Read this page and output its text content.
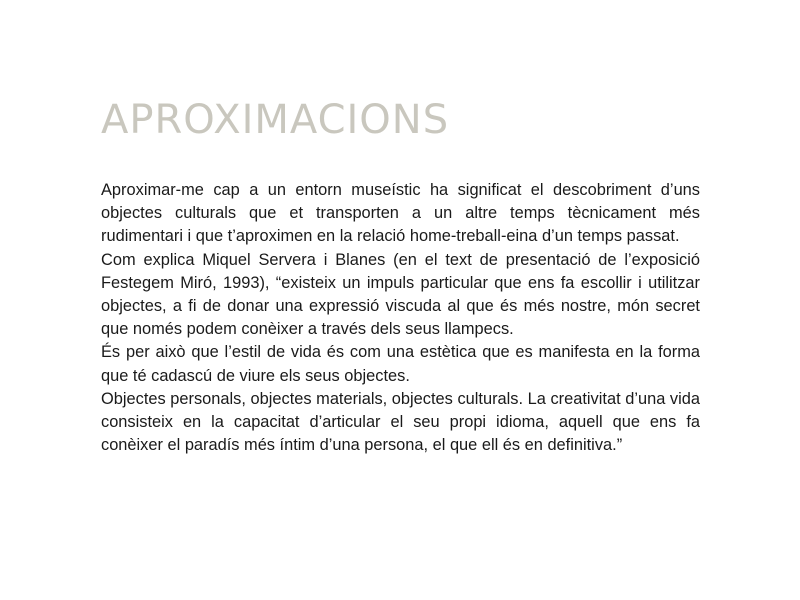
APROXIMACIONS

Aproximar-me cap a un entorn museístic ha significat el descobriment d’uns objectes culturals que et transporten a un altre temps tècnicament més rudimentari i que t’aproximen en la relació home-treball-eina d’un temps passat.

Com explica Miquel Servera i Blanes (en el text de presentació de l’exposició Festegem Miró, 1993), “existeix un impuls particular que ens fa escollir i utilitzar objectes, a fi de donar una expressió viscuda al que és més nostre, món secret que només podem conèixer a través dels seus llampecs.

És per això que l’estil de vida és com una estètica que es manifesta en la forma que té cadascú de viure els seus objectes.

Objectes personals, objectes materials, objectes culturals. La creativitat d’una vida consisteix en la capacitat d’articular el seu propi idioma, aquell que ens fa conèixer el paradís més íntim d’una persona, el que ell és en definitiva.”
